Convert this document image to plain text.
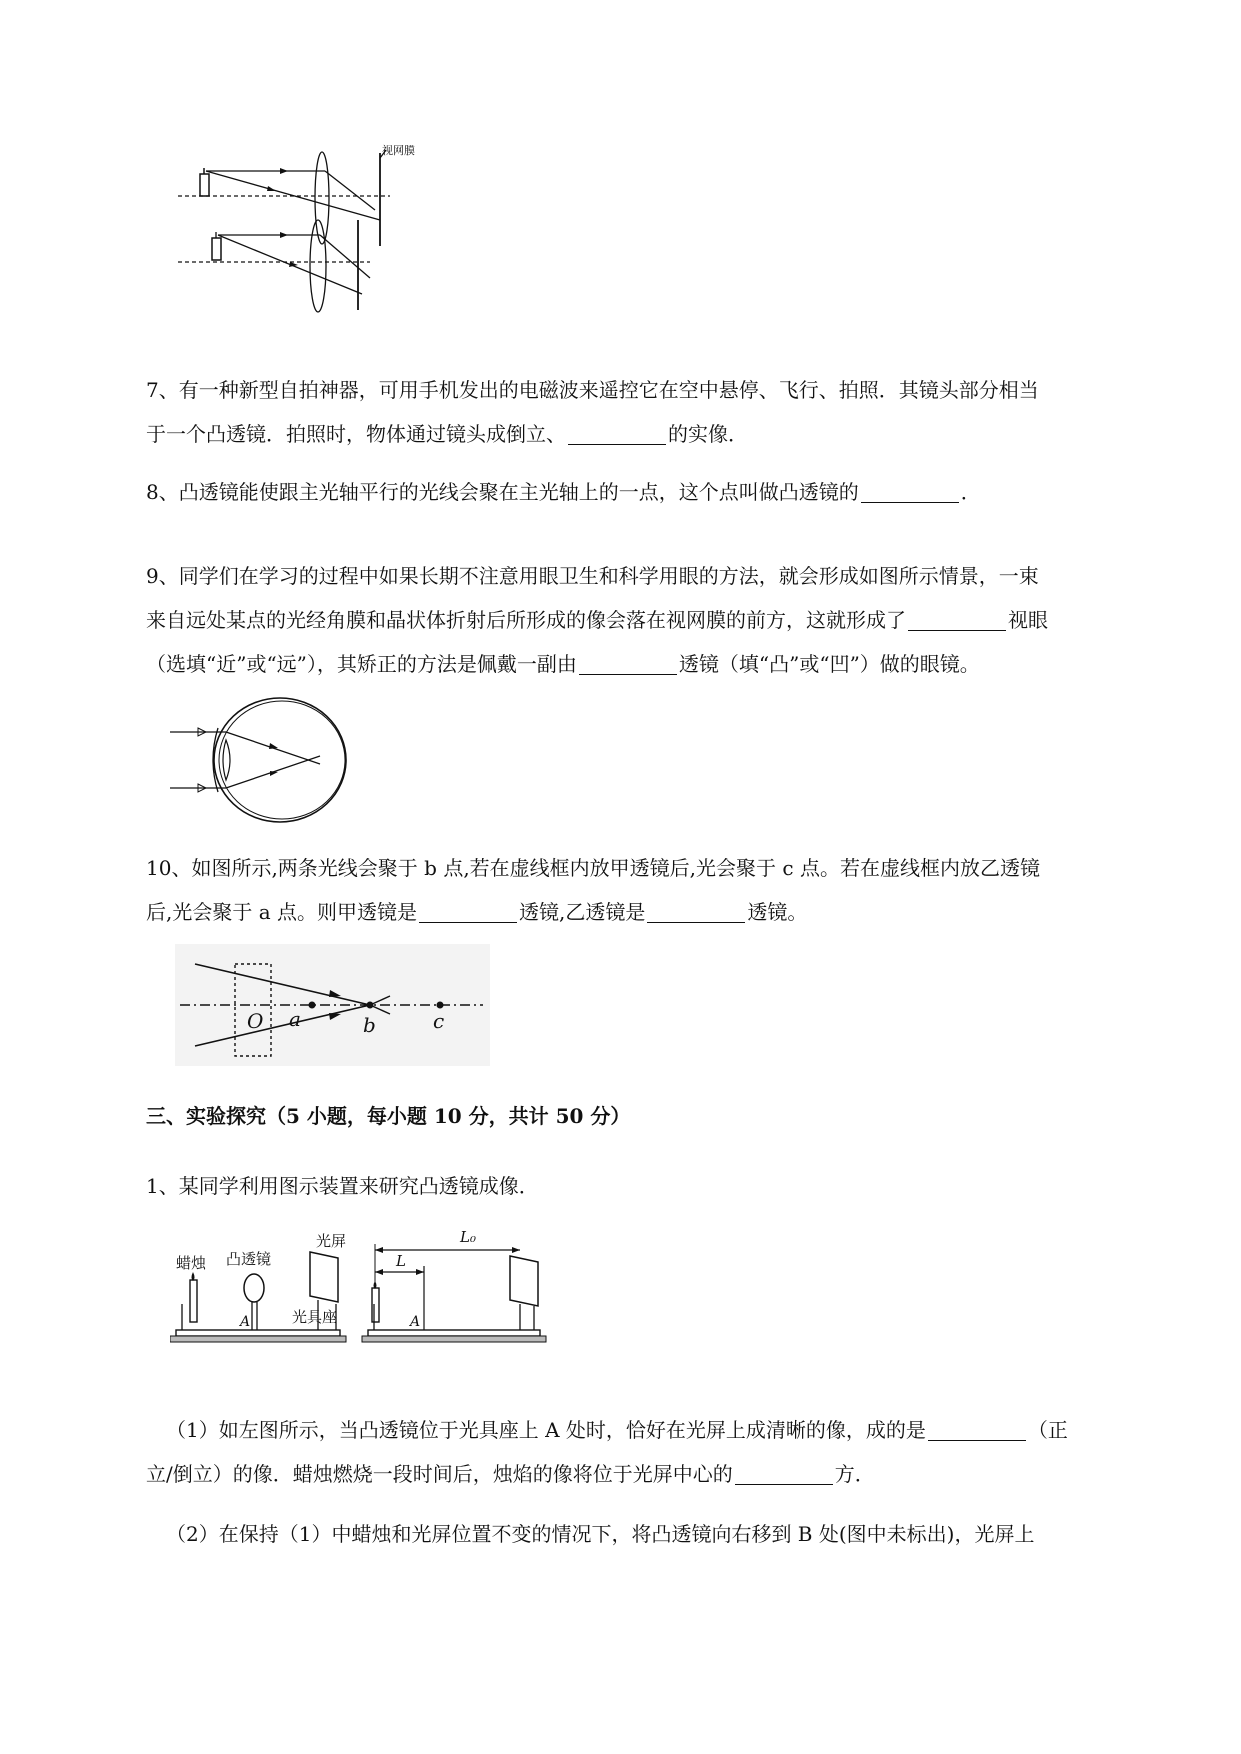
视网膜
7、有一种新型自拍神器，可用手机发出的电磁波来遥控它在空中悬停、飞行、拍照．其镜头部分相当
于一个凸透镜．拍照时，物体通过镜头成倒立、	的实像．
8、凸透镜能使跟主光轴平行的光线会聚在主光轴上的一点，这个点叫做凸透镜的	．
9、同学们在学习的过程中如果长期不注意用眼卫生和科学用眼的方法，就会形成如图所示情景，一束
来自远处某点的光经角膜和晶状体折射后所形成的像会落在视网膜的前方，这就形成了	视眼
（选填“近”或“远”），其矫正的方法是佩戴一副由	透镜（填“凸”或“凹”）做的眼镜。
10、如图所示,两条光线会聚于 b 点,若在虚线框内放甲透镜后,光会聚于 c 点。若在虚线框内放乙透镜
后,光会聚于 a 点。则甲透镜是	透镜,乙透镜是	透镜。
O a	b	c
三、实验探究（5 小题，每小题 10 分，共计 50 分）
1、某同学利用图示装置来研究凸透镜成像．
蜡烛 凸透镜
光屏
光具座
A
L₀
L
A
（1）如左图所示，当凸透镜位于光具座上 A 处时，恰好在光屏上成清晰的像，成的是	（正
立/倒立）的像．蜡烛燃烧一段时间后，烛焰的像将位于光屏中心的	方．
（2）在保持（1）中蜡烛和光屏位置不变的情况下，将凸透镜向右移到 B 处(图中未标出)，光屏上
